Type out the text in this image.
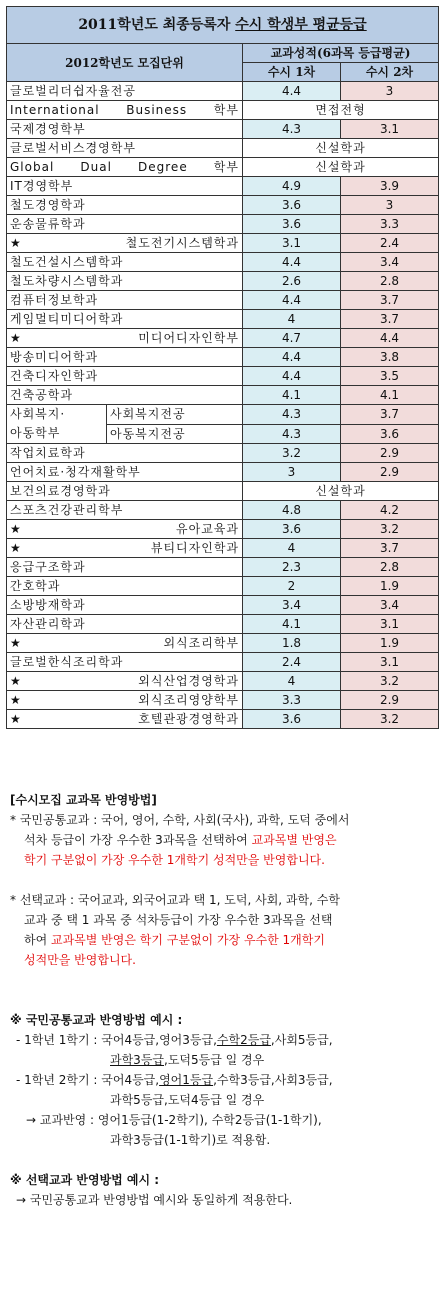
2011학년도 최종등록자 수시 학생부 평균등급			
2012학년도 모집단위		교과성적(6과목 등급평균)	
		수시 1차	수시 2차
글로벌리더쉽자율전공		4.4	3
International Business 학부		면접전형	
국제경영학부		4.3	3.1
글로벌서비스경영학부		신설학과	
Global Dual Degree 학부		신설학과	
IT경영학부		4.9	3.9
철도경영학과		3.6	3
운송물류학과		3.6	3.3
★ 철도전기시스템학과		3.1	2.4
철도건설시스템학과		4.4	3.4
철도차량시스템학과		2.6	2.8
컴퓨터정보학과		4.4	3.7
게임멀티미디어학과		4	3.7
★ 미디어디자인학부		4.7	4.4
방송미디어학과		4.4	3.8
건축디자인학과		4.4	3.5
건축공학과		4.1	4.1

사회복지·
아동학부	사회복지전공	4.3	3.7
	아동복지전공	4.3	3.6
작업치료학과		3.2	2.9
언어치료·청각재활학부		3	2.9
보건의료경영학과		신설학과	
스포츠건강관리학부		4.8	4.2
★ 유아교육과		3.6	3.2
★ 뷰티디자인학과		4	3.7
응급구조학과		2.3	2.8
간호학과		2	1.9
소방방재학과		3.4	3.4
자산관리학과		4.1	3.1
★ 외식조리학부		1.8	1.9
글로벌한식조리학과		2.4	3.1
★ 외식산업경영학과		4	3.2
★ 외식조리영양학부		3.3	2.9
★ 호텔관광경영학과		3.6	3.2

[수시모집 교과목 반영방법]

* 국민공통교과 : 국어, 영어, 수학, 사회(국사), 과학, 도덕 중에서

석차 등급이 가장 우수한 3과목을 선택하여 교과목별 반영은

학기 구분없이 가장 우수한 1개학기 성적만을 반영합니다.

* 선택교과 : 국어교과, 외국어교과 택 1, 도덕, 사회, 과학, 수학

교과 중 택 1 과목 중 석차등급이 가장 우수한 3과목을 선택

하여 교과목별 반영은 학기 구분없이 가장 우수한 1개학기

성적만을 반영합니다.

※ 국민공통교과 반영방법 예시 :

- 1학년 1학기 : 국어4등급,영어3등급,수학2등급,사회5등급,

과학3등급,도덕5등급 일 경우

- 1학년 2학기 : 국어4등급,영어1등급,수학3등급,사회3등급,

과학5등급,도덕4등급 일 경우

→ 교과반영 : 영어1등급(1-2학기), 수학2등급(1-1학기),

과학3등급(1-1학기)로 적용함.

※ 선택교과 반영방법 예시 :

→ 국민공통교과 반영방법 예시와 동일하게 적용한다.
